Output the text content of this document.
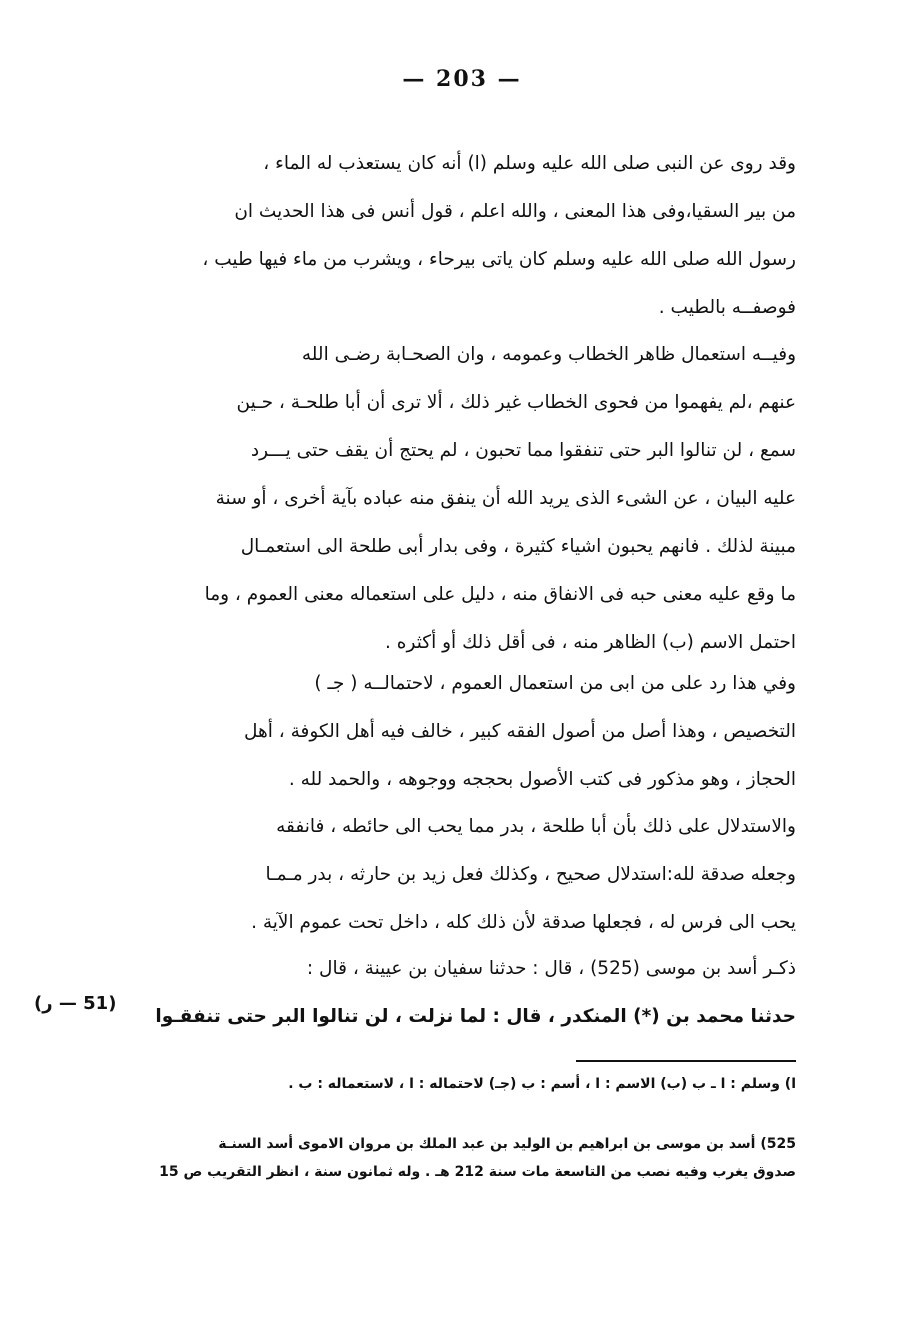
— 203 —
وقد روى عن النبى صلى الله عليه وسلم (ا) أنه كان يستعذب له الماء ،
من بير السقيا،وفى هذا المعنى ، والله اعلم ، قول أنس فى هذا الحديث ان
رسول الله صلى الله عليه وسلم كان ياتى بيرحاء ، ويشرب من ماء فيها طيب ،
فوصفــه بالطيب .
وفيــه استعمال ظاهر الخطاب وعمومه ، وان الصحـابة رضـى الله
عنهم ،لم يفهموا من فحوى الخطاب غير ذلك ، ألا ترى أن أبا طلحـة ، حـين
سمع ، لن تنالوا البر حتى تنفقوا مما تحبون ، لم يحتج أن يقف حتى يـــرد
عليه البيان ، عن الشىء الذى يريد الله أن ينفق منه عباده بآية أخرى ، أو سنة
مبينة لذلك . فانهم يحبون اشياء كثيرة ، وفى بدار أبى طلحة الى استعمـال
ما وقع عليه معنى حبه فى الانفاق منه ، دليل على استعماله معنى العموم ، وما
احتمل الاسم (ب) الظاهر منه ، فى أقل ذلك أو أكثره .
وفي هذا رد على من ابى من استعمال العموم ، لاحتمالــه ( جـ )
التخصيص ، وهذا أصل من أصول الفقه كبير ، خالف فيه أهل الكوفة ، أهل
الحجاز ، وهو مذكور فى كتب الأصول بحججه ووجوهه ، والحمد لله .
والاستدلال على ذلك بأن أبا طلحة ، بدر مما يحب الى حائطه ، فانفقه
وجعله صدقة لله:استدلال صحيح ، وكذلك فعل زيد بن حارثه ، بدر مـمـا
يحب الى فرس له ، فجعلها صدقة لأن ذلك كله ، داخل تحت عموم الآية .
ذكـر أسد بن موسى (525) ، قال : حدثنا سفيان بن عيينة ، قال :
حدثنا محمد بن (*) المنكدر ، قال : لما نزلت ، لن تنالوا البر حتى تنفقـوا
(51 — ر)
ا) وسلم : ا ـ ب (ب) الاسم : ا ، أسم : ب (جـ) لاحتماله : ا ، لاستعماله : ب .
525) أسد بن موسى بن ابراهيم بن الوليد بن عبد الملك بن مروان الاموى أسد السنـة
صدوق يغرب وفيه نصب من التاسعة مات سنة 212 هـ . وله ثمانون سنة ، انظر التقريب ص 15
